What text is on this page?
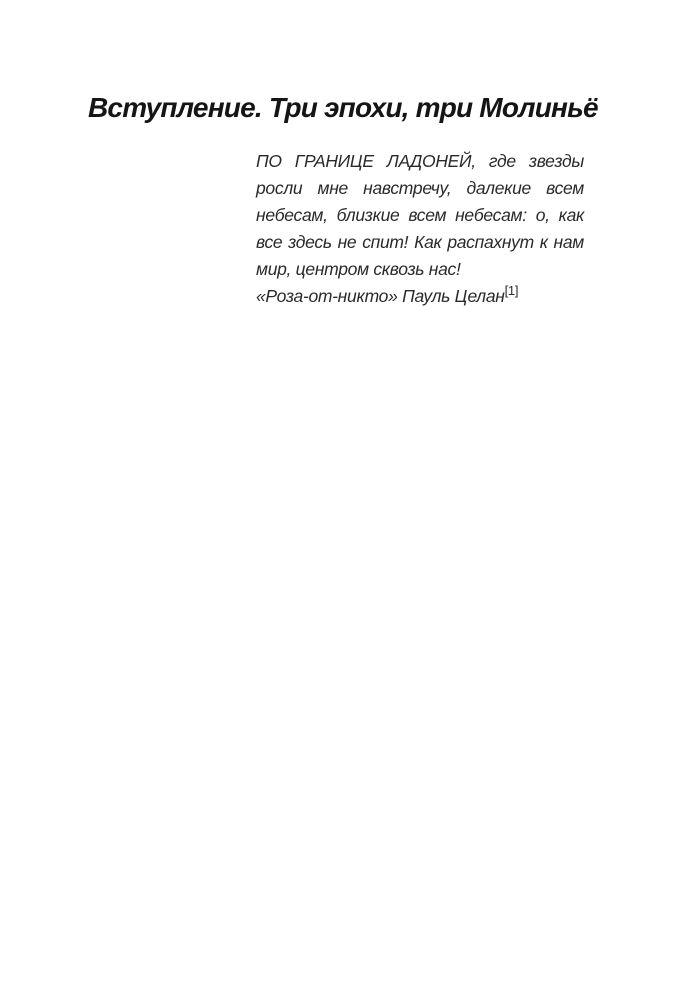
Вступление. Три эпохи, три Молиньё

ПО ГРАНИЦЕ ЛАДОНЕЙ, где звезды росли мне навстречу, далекие всем небесам, близкие всем небесам: о, как все здесь не спит! Как распахнут к нам мир, центром сквозь нас!

«Роза-от-никто» Пауль Целан[1]
